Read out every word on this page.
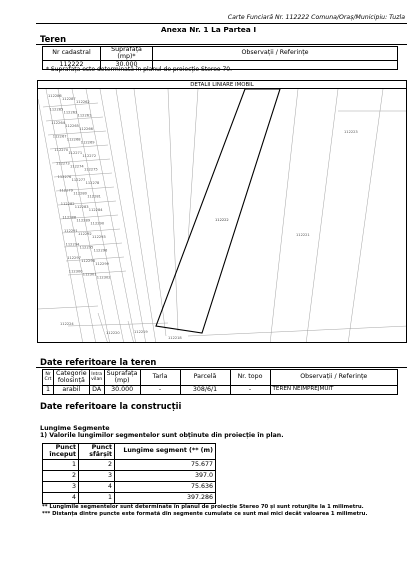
Carte Funciară Nr. 112222 Comuna/Oraș/Municipiu: Tuzla
Anexa Nr. 1 La Partea I
Teren
Nr cadastral	Suprafața (mp)*	Observații / Referințe
112222	30.000	
* Suprafața este determinată în planul de proiecție Stereo 70.
112286
112287
112262
112285
112263
112261
112264
112265
112266
112267
112268
112269
112270
112271
112272
112273
112274
112275
112276
112277
112278
112279
112280
112281
112282
112283
112284
112288
112289
112290
112291
112292
112293
112294
112295
112296
112297
112298
112299
112300
112301
112302
112222
112223
112221
112224
112220	112219
112218
DETALII LINIARE IMOBIL
Date referitoare la teren
Nr Crt	Categorie folosință	Intra vilan	Suprafața (mp)	Tarla	Parcelă	Nr. topo	Observații / Referințe
1	arabil	DA	30.000	-	308/6/1	-	TEREN NEIMPREJMUIT
Date referitoare la construcții
Lungime Segmente
1) Valorile lungimilor segmentelor sunt obținute din proiecție în plan.
Punct început	Punct sfârșit	Lungime segment (** (m)
1	2	75.677
2	3	397.0
3	4	75.636
4	1	397.286
** Lungimile segmentelor sunt determinate în planul de proiecție Stereo 70 și sunt rotunjite la 1 milimetru.
*** Distanța dintre puncte este formată din segmente cumulate ce sunt mai mici decât valoarea 1 milimetru.
